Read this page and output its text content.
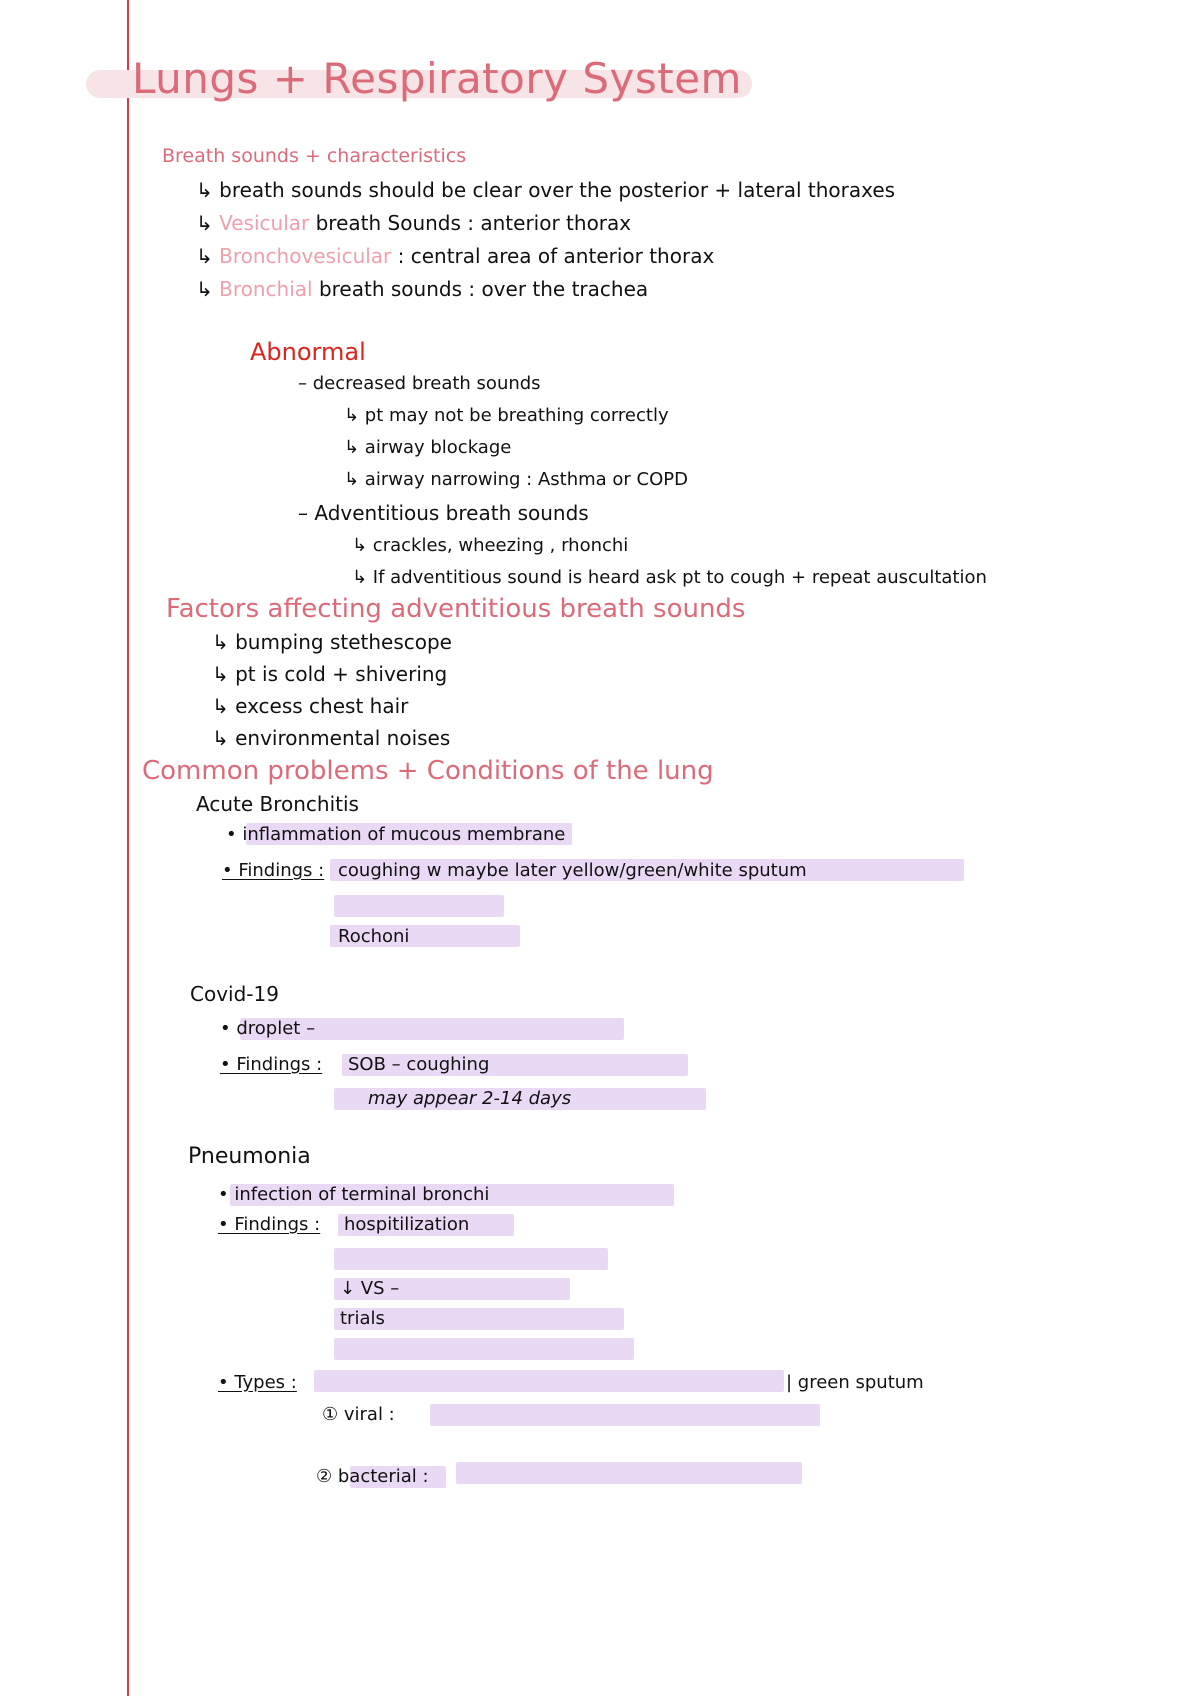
Lungs + Respiratory System
Breath sounds + characteristics
↳ breath sounds should be clear over the posterior + lateral thoraxes
↳ Vesicular breath Sounds : anterior thorax
↳ Bronchovesicular : central area of anterior thorax
↳ Bronchial breath sounds : over the trachea
Abnormal
– decreased breath sounds
↳ pt may not be breathing correctly
↳ airway blockage
↳ airway narrowing : Asthma or COPD
– Adventitious breath sounds
↳ crackles, wheezing , rhonchi
↳ If adventitious sound is heard ask pt to cough + repeat auscultation
Factors affecting adventitious breath sounds
↳ bumping stethescope
↳ pt is cold + shivering
↳ excess chest hair
↳ environmental noises
Common problems + Conditions of the lung
Acute Bronchitis
• inflammation of mucous membrane
• Findings : coughing w maybe later yellow/green/white sputum
Rochoni
Covid-19
• droplet –
• Findings : SOB – coughing
may appear 2-14 days
Pneumonia
• infection of terminal bronchi
• Findings : hospitilization
↓ VS –
trials
• Types :	| green sputum
① viral :
② bacterial :
